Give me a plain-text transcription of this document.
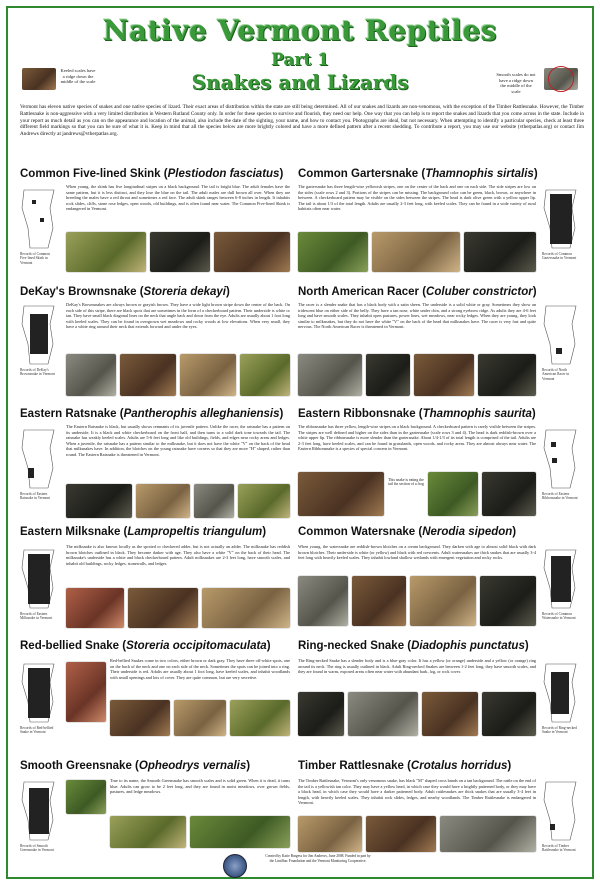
Native Vermont Reptiles
Part 1
Snakes and Lizards
Keeled scales have a ridge down the middle of the scale
Smooth scales do not have a ridge down the middle of the scale
Vermont has eleven native species of snakes and one native species of lizard. Their exact areas of distribution within the state are still being determined. All of our snakes and lizards are non-venomous, with the exception of the Timber Rattlesnake. However, the Timber Rattlesnake is non-aggressive with a very limited distribution in Western Rutland County only. In order for these species to survive and flourish, they need our help. One way that you can help is to report the snakes and lizards that you come across in the state. Include in your report as much detail as you can on the appearance and location of the animal, also include the date of the sighting, your name, and how to contact you. Photographs are ideal, but not necessary. When attempting to identify a particular species, check at least three different field markings so that you can be sure of what it is. Keep in mind that all the species below are more brightly colored and have a more defined pattern after a recent shedding. To contribute a report, you may use our website (vtherpatlas.org) or contact Jim Andrews directly at jandrews@vtherpatlas.org.
Common Five-lined Skink (Plestiodon fasciatus)
Records of Common Five-lined Skink in Vermont
When young, the skink has five longitudinal stripes on a black background. The tail is bright blue. The adult females have the same pattern, but it is less distinct, and they lose the blue on the tail. The adult males are dull brown all over. When they are breeding the males have a red throat and sometimes a red face. The adult skink ranges between 6-8 inches in length. It inhabits rock slides, cliffs, stone rose ledges, open woods, old buildings, and is often found near water. The Common Five-lined Skink is endangered in Vermont.
Common Gartersnake (Thamnophis sirtalis)
The gartersnake has three length-wise yellowish stripes, one on the center of the back and one on each side. The side stripes are low on the sides (scale rows 2 and 3). Portions of the stripes can be missing. The background color can be green, black, brown, or anywhere in between. A checkerboard pattern may be visible on the sides between the stripes. The head is dark olive green with a yellow upper lip. The tail is about 1/3 of the total length. Adults are usually 2-3 feet long, with keeled scales. They can be found in a wide variety of rural habitats often near water.
Records of Common Gartersnake in Vermont
DeKay's Brownsnake (Storeria dekayi)
Records of DeKay's Brownsnake in Vermont
DeKay's Brownsnakes are always brown or grayish brown. They have a wide light brown stripe down the center of the back. On each side of this stripe, there are black spots that are sometimes in the form of a checkerboard pattern. Their underside is white or tan. They have small black diagonal lines on the neck that angle back and down from the eye. Adults are usually about 1 foot long with keeled scales. They can be found in overgrown wet meadows and rocky woods at low elevations. When very small, they have a white ring around their neck that extends forward and under the eyes.
North American Racer (Coluber constrictor)
The racer is a slender snake that has a black body with a satin sheen. The underside is a solid white or gray. Sometimes they show an iridescent blue on either side of the belly. They have a tan nose, white under chin, and a strong eyebrow ridge. As adults they are 4-6 feet long and have smooth scales. They inhabit open pastures, power lines, wet meadows, near rocky ledges. When they are young, they look similar to milksnakes, but they do not have the white "V" on the back of the head that milksnakes have. The racer is very fast and quite nervous. The North American Racer is threatened in Vermont.
Records of North American Racer in Vermont
Eastern Ratsnake (Pantherophis alleghaniensis)
Records of Eastern Ratsnake in Vermont
The Eastern Ratsnake is black, but usually shows remnants of its juvenile pattern. Unlike the racer, the ratsnake has a pattern on its underside. It is a black and white checkerboard on the front half, and then turns to a solid dark tone towards the tail. The ratsnake has weakly keeled scales. Adults are 5-6 feet long and like old buildings, fields, and edges near rocky areas and ledges. When a juvenile, the ratsnake has a pattern similar to the milksnake, but it does not have the white "V" on the back of the head that milksnakes have. In addition, the blotches on the young ratsnake have corners so that they are more "H" shaped, rather than round. The Eastern Ratsnake is threatened in Vermont.
Eastern Ribbonsnake (Thamnophis saurita)
The ribbonsnake has three yellow, length-wise stripes on a black background. A checkerboard pattern is rarely visible between the stripes. The stripes are well defined and higher on the sides than in the gartersnake (scale rows 3 and 4). The head is dark reddish-brown over a white upper lip. The ribbonsnake is more slender than the gartersnake. About 1/4-1/3 of its total length is comprised of the tail. Adults are 2-3 feet long, have keeled scales, and can be found in grasslands, open woods, and rocky areas. They are almost always near water. The Eastern Ribbonsnake is a species of special concern in Vermont.
Records of Eastern Ribbonsnake in Vermont
This snake is eating the tail fin section of a frog
Eastern Milksnake (Lampropeltis triangulum)
Records of Eastern Milksnake in Vermont
The milksnake is also known locally as the spotted or checkered adder, but is not actually an adder. The milksnake has reddish brown blotches outlined in black. They become darker with age. They also have a white "V" on the back of their head. The milksnake's underside has a white and black checkerboard pattern. Adult milksnakes are 2-3 feet long, have smooth scales, and inhabit old buildings, rocky ledges, stonewalls, and ledges.
Common Watersnake (Nerodia sipedon)
When young, the watersnake are reddish-brown blotches on a cream background. They darken with age to almost solid black with dark brown blotches. Their underside is white (or yellow) and black with red crescents. Adult watersnakes are thick snakes that are usually 3-4 feet long with heavily keeled scales. They inhabit lowland shallow wetlands with emergent vegetation and rocky rocks.
Records of Common Watersnake in Vermont
Red-bellied Snake (Storeria occipitomaculata)
Records of Red-bellied Snake in Vermont
Red-bellied Snakes come in two colors, either brown or dark gray. They have three off-white spots, one on the back of the neck and one on each side of the neck. Sometimes the spots can be joined into a ring. Their underside is red. Adults are usually about 1 foot long, have keeled scales, and inhabit woodlands with small openings and lots of cover. They are quite common, but are very secretive.
Ring-necked Snake (Diadophis punctatus)
The Ring-necked Snake has a slender body and is a blue-gray color. It has a yellow (or orange) underside and a yellow (or orange) ring around its neck. The ring is usually outlined in black. Adult Ring-necked Snakes are between 1-2 feet long, they have smooth scales, and they are found in warm, exposed areas often near water with abundant bark, log, or rock cover.
Records of Ring-necked Snake in Vermont
Smooth Greensnake (Opheodrys vernalis)
Records of Smooth Greensnake in Vermont
True to its name, the Smooth Greensnake has smooth scales and is solid green. When it is dead, it turns blue. Adults can grow to be 2 feet long, and they are found in moist meadows, over grown fields, pastures, and ledge meadows.
Timber Rattlesnake (Crotalus horridus)
The Timber Rattlesnake, Vermont's only venomous snake, has black "M" shaped cross bands on a tan background. The rattle on the end of the tail is a yellowish tan color. They may have a yellow head, in which case they would have a brightly patterned body, or they may have a black head, in which case they would have a darker patterned body. Adult rattlesnakes are thick snakes that are usually 3-4 feet in length, with heavily keeled scales. They inhabit rock slides, ledges, and nearby woodlands. The Timber Rattlesnake is endangered in Vermont.
Records of Timber Rattlesnake in Vermont
Created by Katie Burgess for Jim Andrews, June 2008. Funded in part by the Lintilhac Foundation and the Vermont Monitoring Cooperative.
